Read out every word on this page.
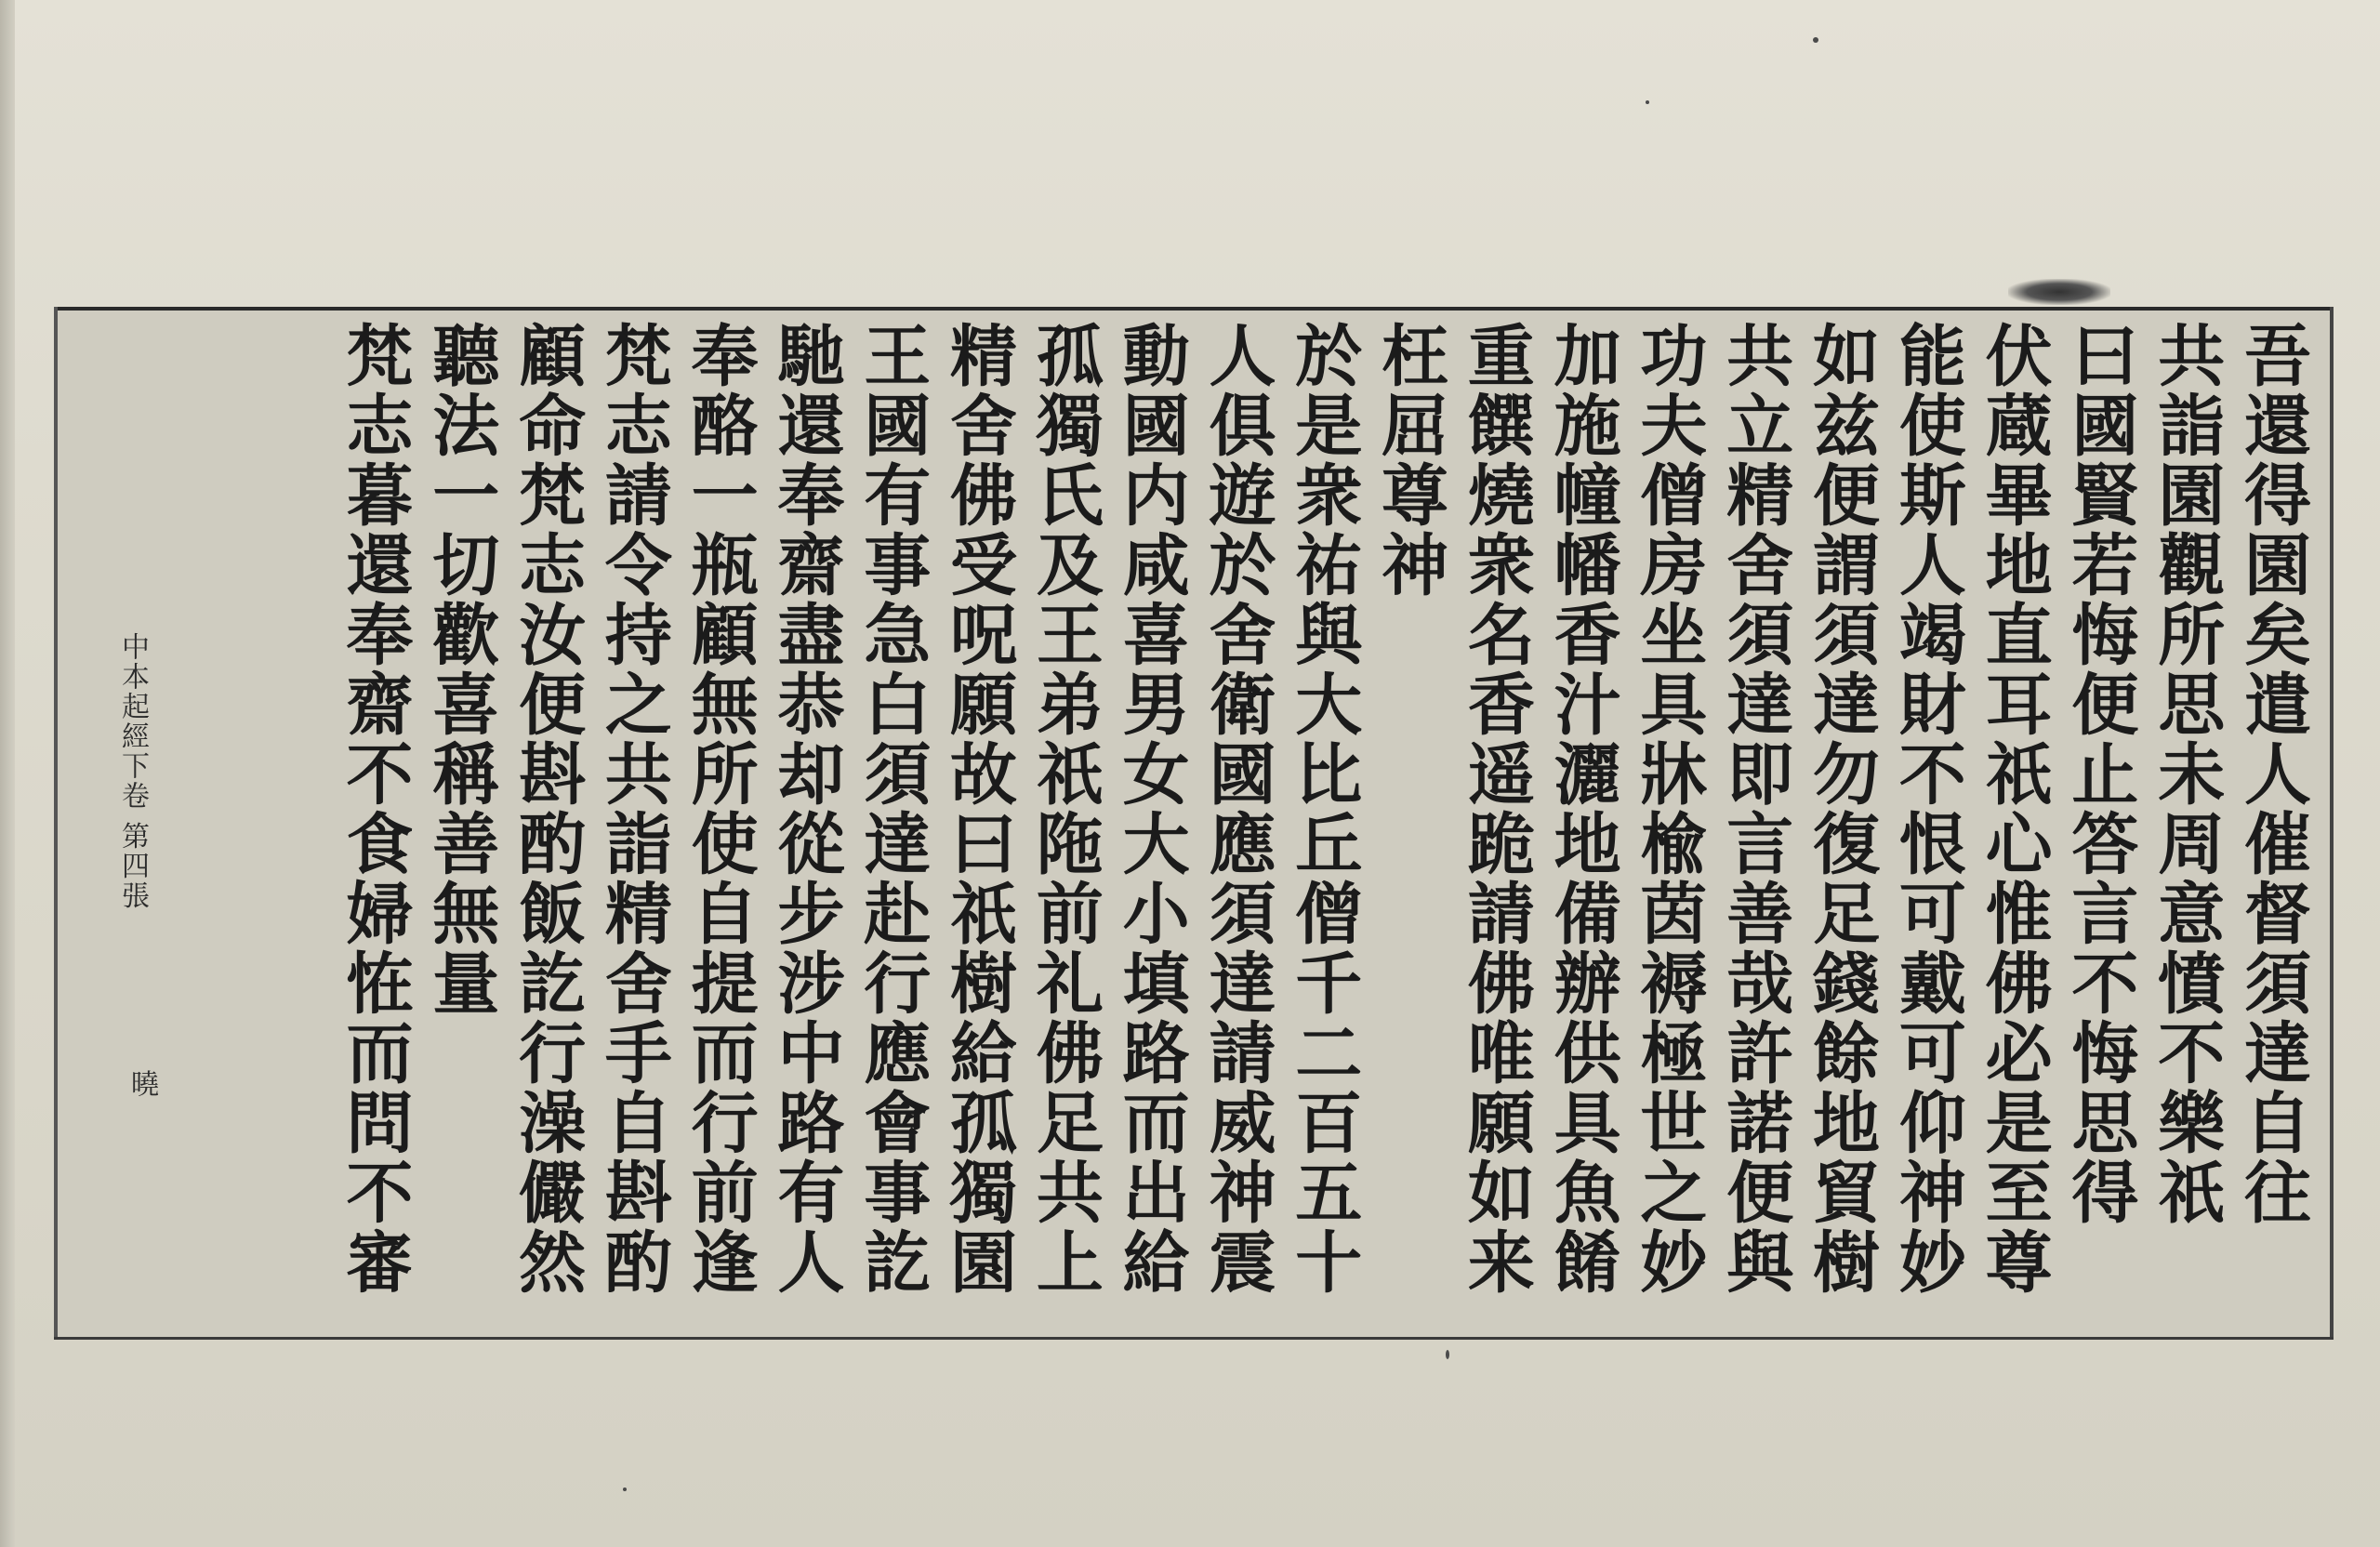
吾還得園矣遣人催督須達自往
共詣園觀所思未周意憤不樂祇
曰國賢若悔便止答言不悔思得
伏蔵畢地直耳祇心惟佛必是至尊
能使斯人竭財不恨可戴可仰神妙
如兹便謂須達勿復足錢餘地貿樹
共立精舍須達即言善哉許諾便與
功夫僧房坐具牀楡茵褥極世之妙
加施幢幡香汁灑地備辦供具魚餚
重饌燒衆名香遥跪請佛唯願如来
枉屈尊神
於是衆祐與大比丘僧千二百五十
人俱遊於舍衛國應須達請威神震
動國内咸喜男女大小填路而出給
孤獨氏及王弟祇陁前礼佛足共上
精舍佛受呪願故曰祇樹給孤獨園
王國有事急白須達赴行應會事訖
馳還奉齋盡恭却從步涉中路有人
奉酪一瓶顧無所使自提而行前逢
梵志請令持之共詣精舍手自斟酌
顧命梵志汝便斟酌飯訖行澡儼然
聽法一切歡喜稱善無量
梵志暮還奉齋不食婦恠而問不審
中本起經下卷 第四張
曉
